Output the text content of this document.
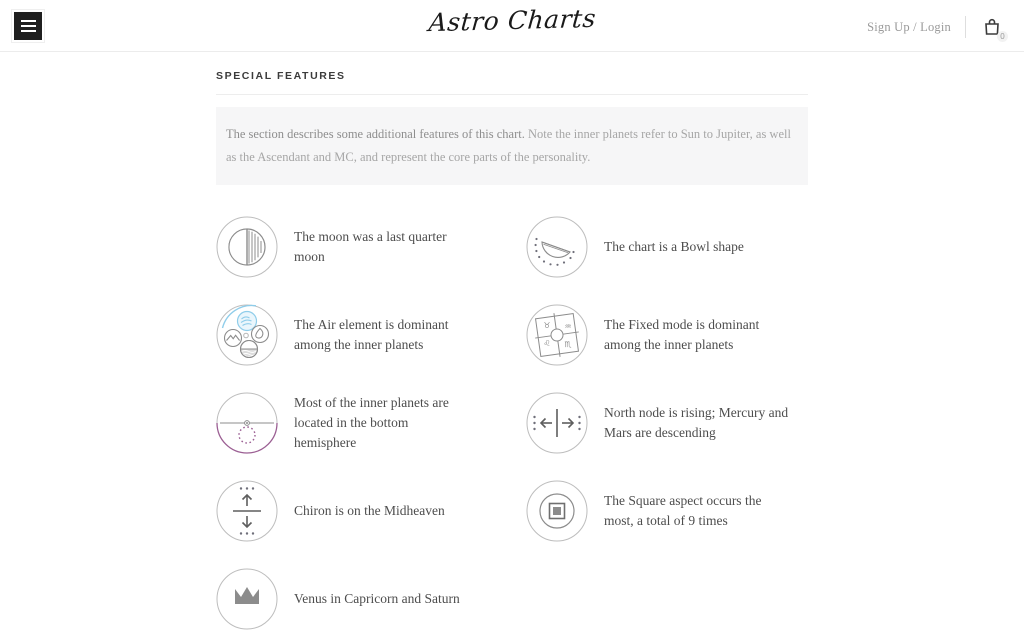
Astro Charts	Sign Up / Login
0
SPECIAL FEATURES
The section describes some additional features of this chart. Note the inner planets refer to Sun to Jupiter, as well as the Ascendant and MC, and represent the core parts of the personality.
The moon was a last quarter moon
The chart is a Bowl shape
The Air element is dominant among the inner planets
♉ ♒
♌ ♏
The Fixed mode is dominant among the inner planets
Most of the inner planets are located in the bottom hemisphere
North node is rising; Mercury and Mars are descending
Chiron is on the Midheaven
The Square aspect occurs the most, a total of 9 times
Venus in Capricorn and Saturn
